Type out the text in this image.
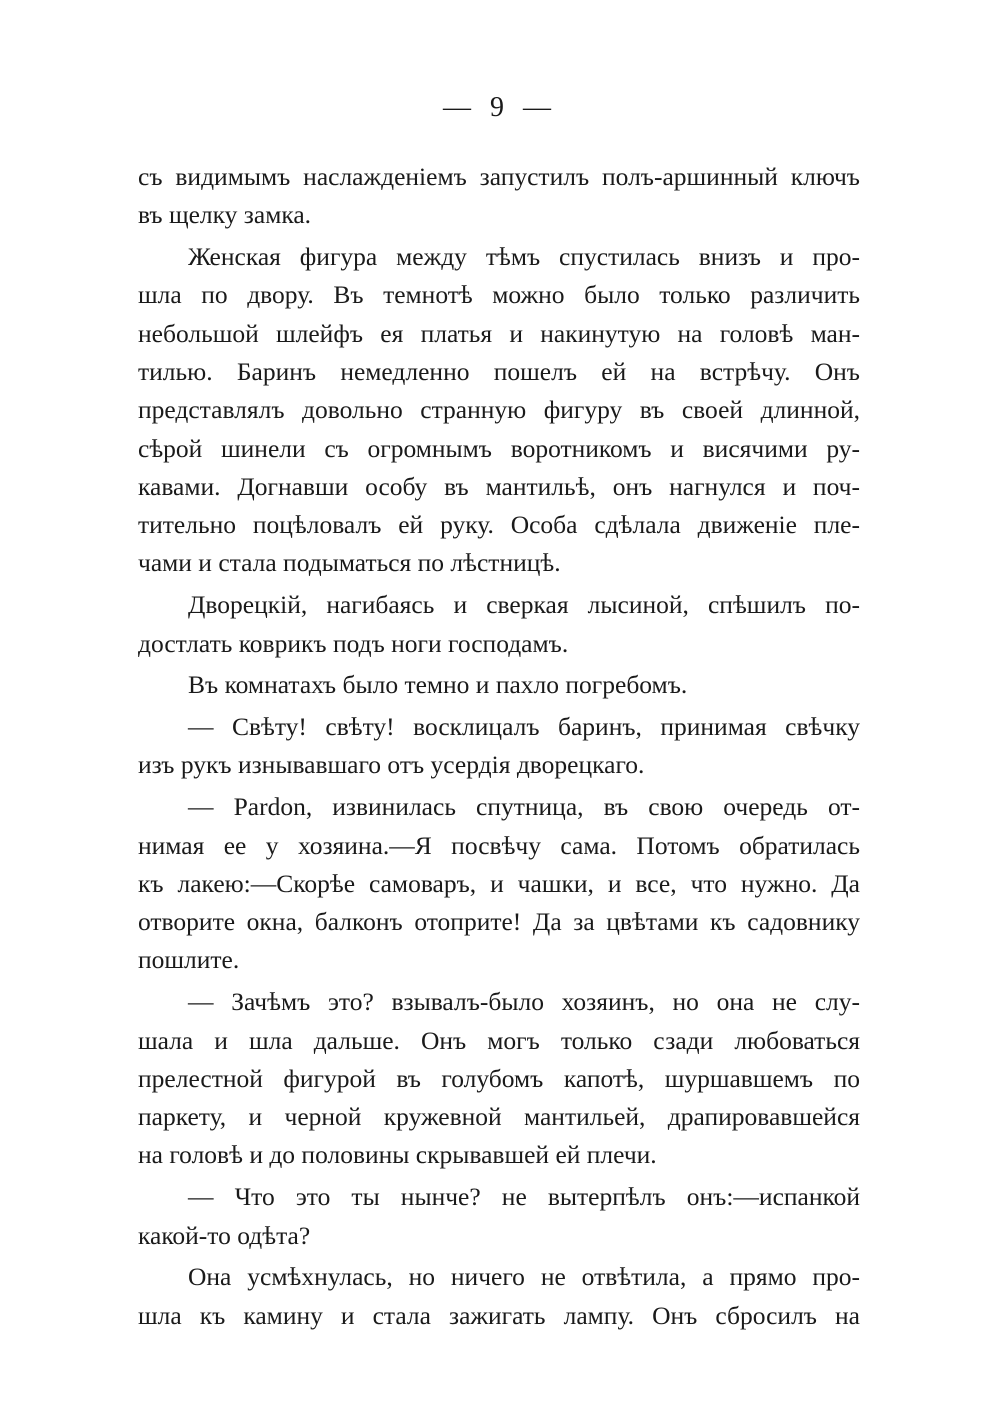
— 9 —
съ видимымъ наслажденіемъ запустилъ полъ-аршинный ключъ
въ щелку замка.
Женская фигура между тѣмъ спустилась внизъ и про-
шла по двору. Въ темнотѣ можно было только различить
небольшой шлейфъ ея платья и накинутую на головѣ ман-
тилью. Баринъ немедленно пошелъ ей на встрѣчу. Онъ
представлялъ довольно странную фигуру въ своей длинной,
сѣрой шинели съ огромнымъ воротникомъ и висячими ру-
кавами. Догнавши особу въ мантильѣ, онъ нагнулся и поч-
тительно поцѣловалъ ей руку. Особа сдѣлала движеніе пле-
чами и стала подыматься по лѣстницѣ.
Дворецкій, нагибаясь и сверкая лысиной, спѣшилъ по-
достлать коврикъ подъ ноги господамъ.
Въ комнатахъ было темно и пахло погребомъ.
— Свѣту! свѣту! восклицалъ баринъ, принимая свѣчку
изъ рукъ изнывавшаго отъ усердія дворецкаго.
— Pardon, извинилась спутница, въ свою очередь от-
нимая ее у хозяина.—Я посвѣчу сама. Потомъ обратилась
къ лакею:—Скорѣе самоваръ, и чашки, и все, что нужно. Да
отворите окна, балконъ отоприте! Да за цвѣтами къ садовнику
пошлите.
— Зачѣмъ это? взывалъ-было хозяинъ, но она не слу-
шала и шла дальше. Онъ могъ только сзади любоваться
прелестной фигурой въ голубомъ капотѣ, шуршавшемъ по
паркету, и черной кружевной мантильей, драпировавшейся
на головѣ и до половины скрывавшей ей плечи.
— Что это ты нынче? не вытерпѣлъ онъ:—испанкой
какой-то одѣта?
Она усмѣхнулась, но ничего не отвѣтила, а прямо про-
шла къ камину и стала зажигать лампу. Онъ сбросилъ на
